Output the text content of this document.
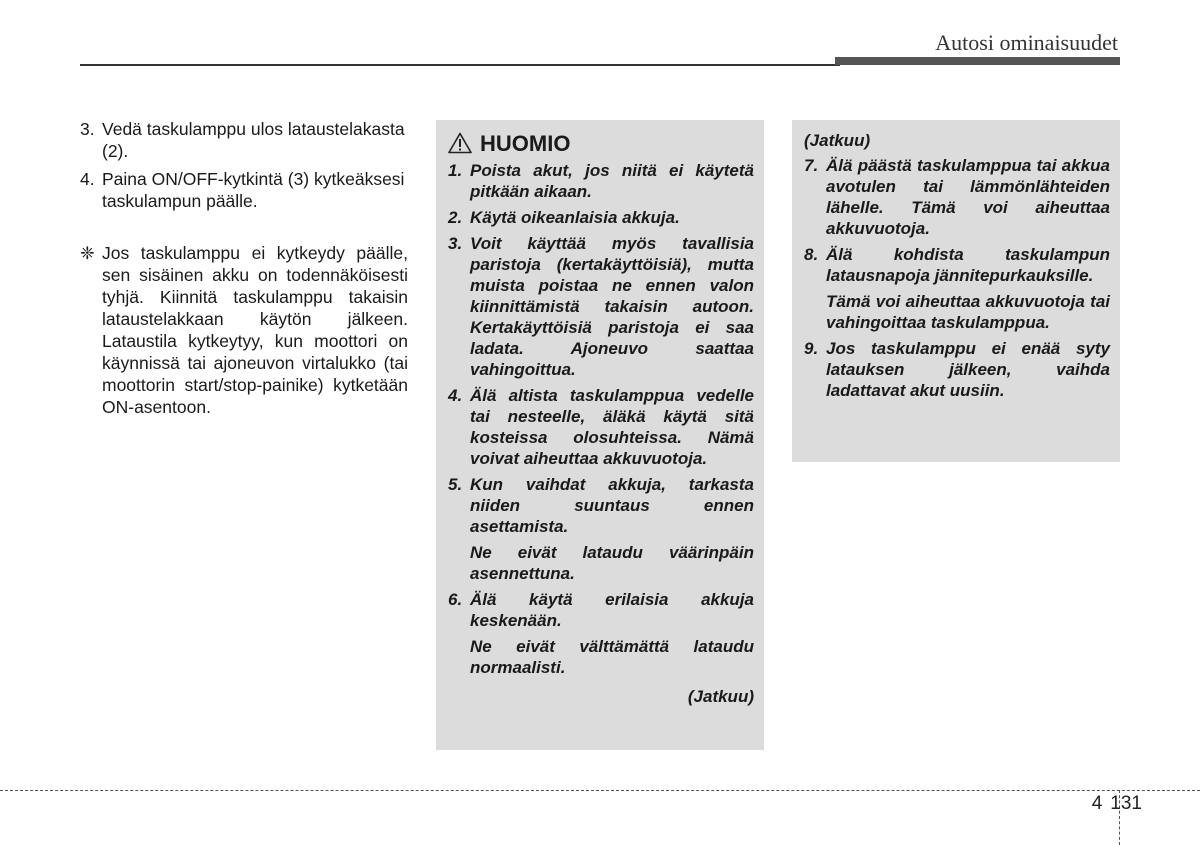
Autosi ominaisuudet
3. Vedä taskulamppu ulos lataustelakasta (2).
4. Paina ON/OFF-kytkintä (3) kytkeäksesi taskulampun päälle.
❈ Jos taskulamppu ei kytkeydy päälle, sen sisäinen akku on todennäköisesti tyhjä. Kiinnitä taskulamppu takaisin lataustelakkaan käytön jälkeen. Lataustila kytkeytyy, kun moottori on käynnissä tai ajoneuvon virtalukko (tai moottorin start/stop-painike) kytketään ON-asentoon.
HUOMIO
1. Poista akut, jos niitä ei käytetä pitkään aikaan.
2. Käytä oikeanlaisia akkuja.
3. Voit käyttää myös tavallisia paristoja (kertakäyttöisiä), mutta muista poistaa ne ennen valon kiinnittämistä takaisin autoon. Kertakäyttöisiä paristoja ei saa ladata. Ajoneuvo saattaa vahingoittua.
4. Älä altista taskulamppua vedelle tai nesteelle, äläkä käytä sitä kosteissa olosuhteissa. Nämä voivat aiheuttaa akkuvuotoja.
5. Kun vaihdat akkuja, tarkasta niiden suuntaus ennen asettamista.
Ne eivät lataudu väärinpäin asennettuna.
6. Älä käytä erilaisia akkuja keskenään.
Ne eivät välttämättä lataudu normaalisti.
(Jatkuu)
(Jatkuu)
7. Älä päästä taskulamppua tai akkua avotulen tai lämmönlähteiden lähelle. Tämä voi aiheuttaa akkuvuotoja.
8. Älä kohdista taskulampun latausnapoja jännitepurkauksille.
Tämä voi aiheuttaa akkuvuotoja tai vahingoittaa taskulamppua.
9. Jos taskulamppu ei enää syty latauksen jälkeen, vaihda ladattavat akut uusiin.
4 131
